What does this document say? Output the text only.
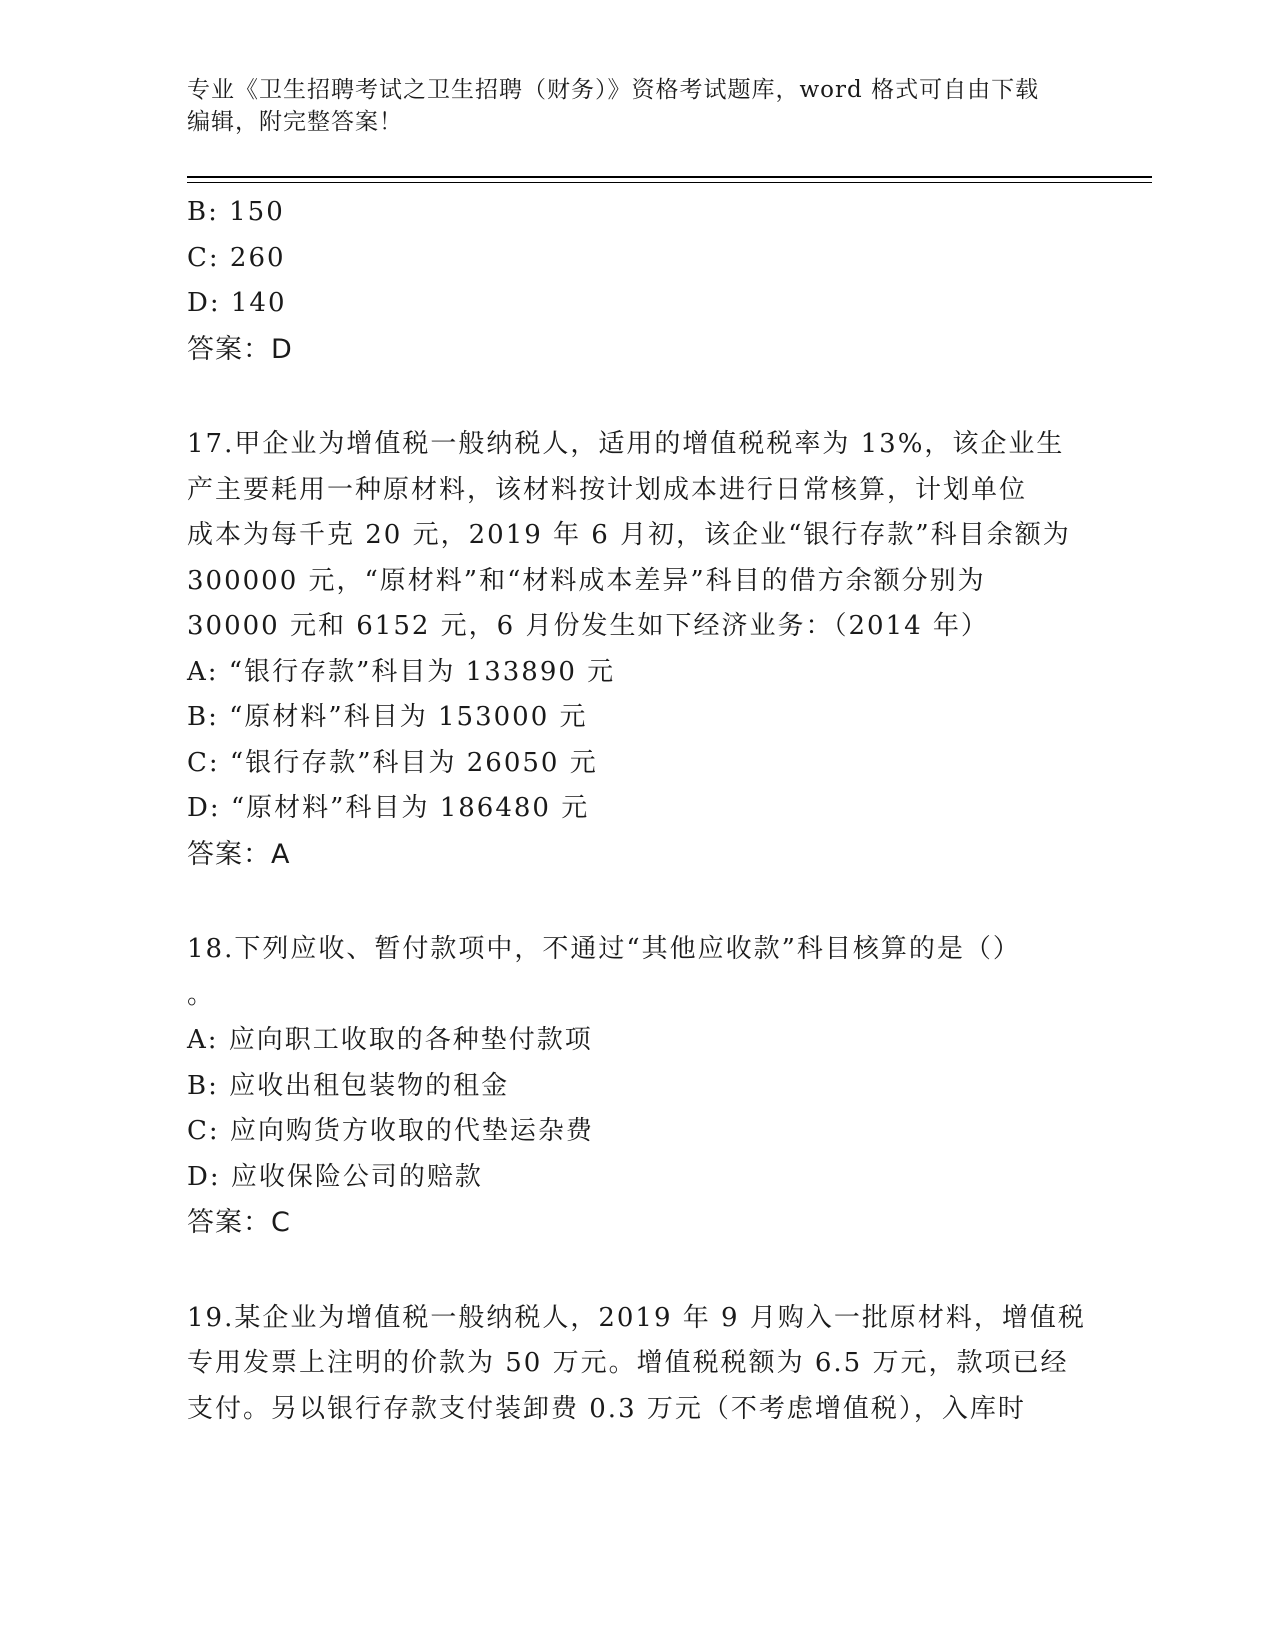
专业《卫生招聘考试之卫生招聘（财务）》资格考试题库，word 格式可自由下载
编辑，附完整答案！
B: 150
C: 260
D: 140
答案：D
17.甲企业为增值税一般纳税人，适用的增值税税率为 13%，该企业生
产主要耗用一种原材料，该材料按计划成本进行日常核算，计划单位
成本为每千克 20 元，2019 年 6 月初，该企业“银行存款”科目余额为
300000 元，“原材料”和“材料成本差异”科目的借方余额分别为
30000 元和 6152 元，6 月份发生如下经济业务：（2014 年）
A: “银行存款”科目为 133890 元
B: “原材料”科目为 153000 元
C: “银行存款”科目为 26050 元
D: “原材料”科目为 186480 元
答案：A
18.下列应收、暂付款项中，不通过“其他应收款”科目核算的是（）
。
A: 应向职工收取的各种垫付款项
B: 应收出租包装物的租金
C: 应向购货方收取的代垫运杂费
D: 应收保险公司的赔款
答案：C
19.某企业为增值税一般纳税人，2019 年 9 月购入一批原材料，增值税
专用发票上注明的价款为 50 万元。增值税税额为 6.5 万元，款项已经
支付。另以银行存款支付装卸费 0.3 万元（不考虑增值税），入库时
